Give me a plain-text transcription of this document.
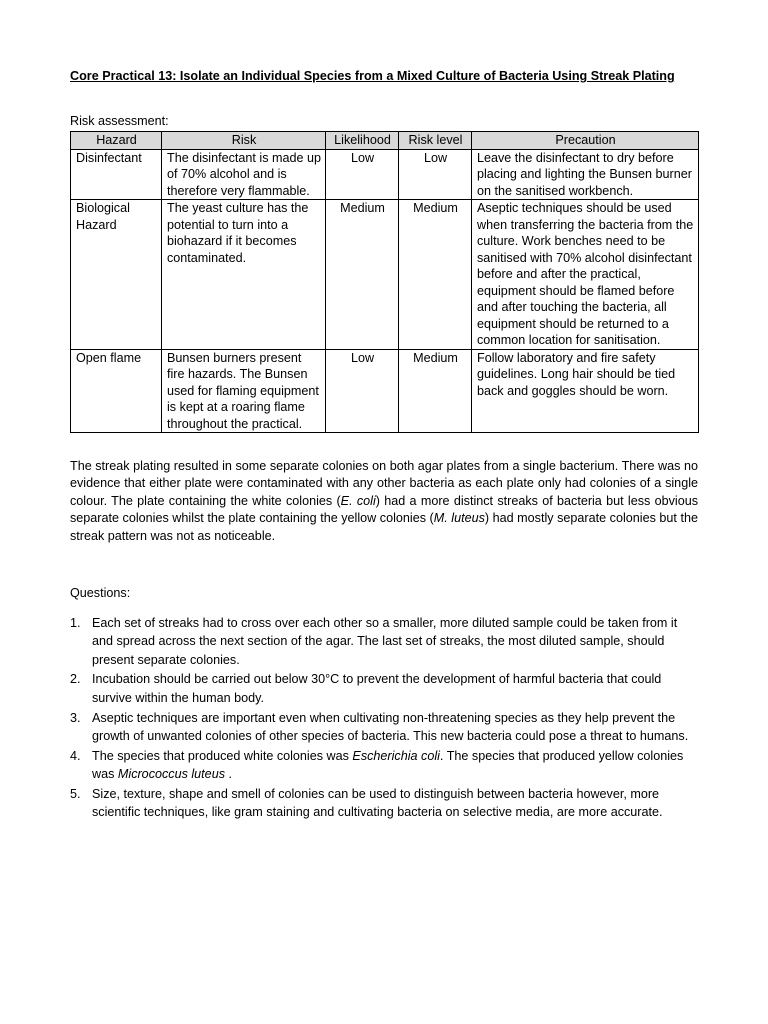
Core Practical 13: Isolate an Individual Species from a Mixed Culture of Bacteria Using Streak Plating

Risk assessment:
Hazard	Risk	Likelihood	Risk level	Precaution
Disinfectant	The disinfectant is made up of 70% alcohol and is therefore very flammable.	Low	Low	Leave the disinfectant to dry before placing and lighting the Bunsen burner on the sanitised workbench.
Biological Hazard	The yeast culture has the potential to turn into a biohazard if it becomes contaminated.	Medium	Medium	Aseptic techniques should be used when transferring the bacteria from the culture. Work benches need to be sanitised with 70% alcohol disinfectant before and after the practical, equipment should be flamed before and after touching the bacteria, all equipment should be returned to a common location for sanitisation.
Open flame	Bunsen burners present fire hazards. The Bunsen used for flaming equipment is kept at a roaring flame throughout the practical.	Low	Medium	Follow laboratory and fire safety guidelines. Long hair should be tied back and goggles should be worn.

The streak plating resulted in some separate colonies on both agar plates from a single bacterium. There was no evidence that either plate were contaminated with any other bacteria as each plate only had colonies of a single colour. The plate containing the white colonies (E. coli) had a more distinct streaks of bacteria but less obvious separate colonies whilst the plate containing the yellow colonies (M. luteus) had mostly separate colonies but the streak pattern was not as noticeable.

Questions:
1. Each set of streaks had to cross over each other so a smaller, more diluted sample could be taken from it and spread across the next section of the agar. The last set of streaks, the most diluted sample, should present separate colonies.
2. Incubation should be carried out below 30°C to prevent the development of harmful bacteria that could survive within the human body.
3. Aseptic techniques are important even when cultivating non-threatening species as they help prevent the growth of unwanted colonies of other species of bacteria. This new bacteria could pose a threat to humans.
4. The species that produced white colonies was Escherichia coli. The species that produced yellow colonies was Micrococcus luteus .
5. Size, texture, shape and smell of colonies can be used to distinguish between bacteria however, more scientific techniques, like gram staining and cultivating bacteria on selective media, are more accurate.
